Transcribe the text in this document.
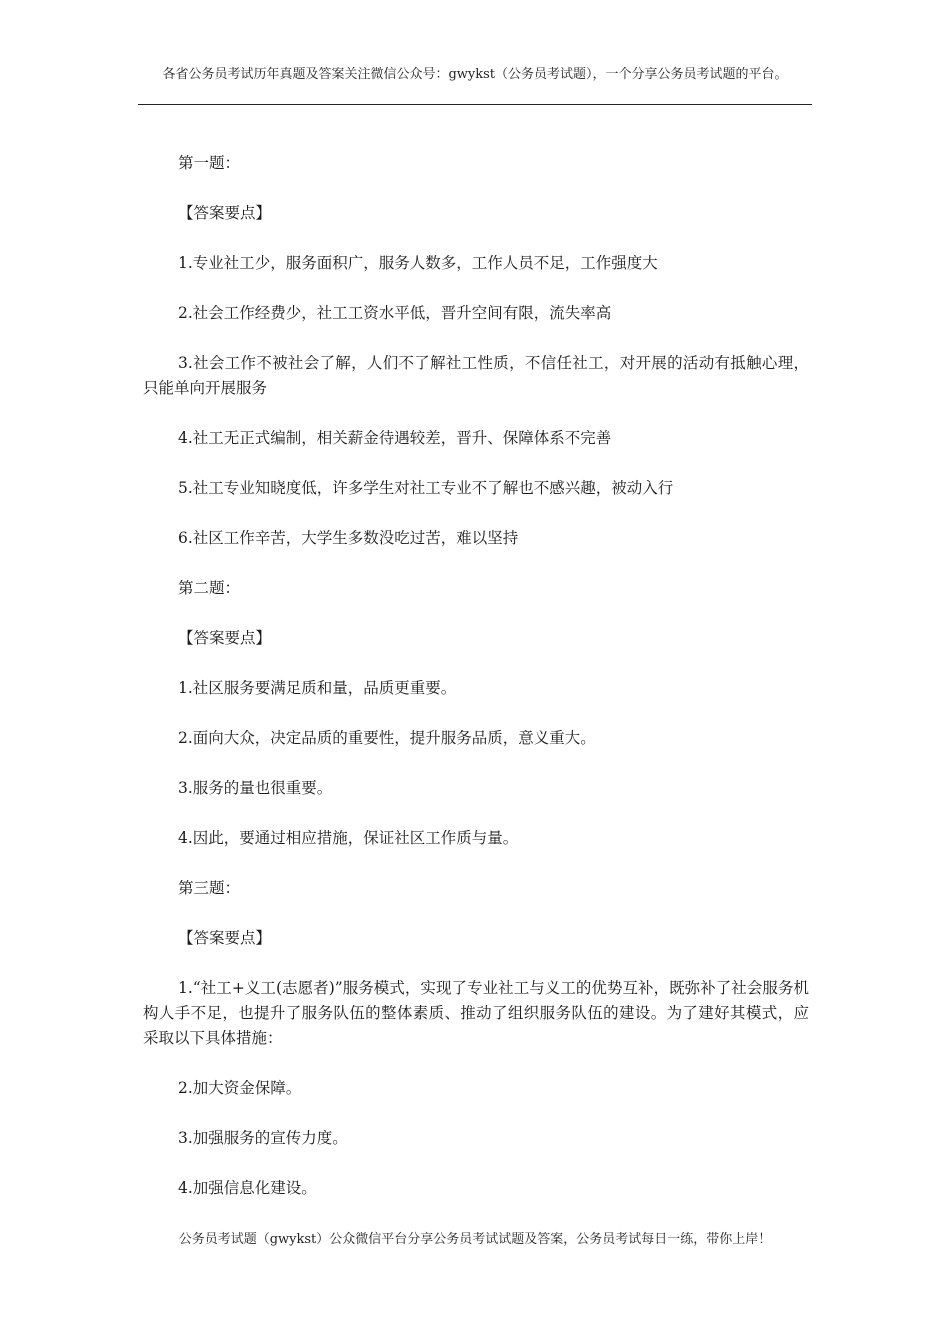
各省公务员考试历年真题及答案关注微信公众号：gwykst（公务员考试题），一个分享公务员考试题的平台。

第一题：

【答案要点】

1.专业社工少，服务面积广，服务人数多，工作人员不足，工作强度大

2.社会工作经费少，社工工资水平低，晋升空间有限，流失率高

3.社会工作不被社会了解，人们不了解社工性质，不信任社工，对开展的活动有抵触心理，只能单向开展服务

4.社工无正式编制，相关薪金待遇较差，晋升、保障体系不完善

5.社工专业知晓度低，许多学生对社工专业不了解也不感兴趣，被动入行

6.社区工作辛苦，大学生多数没吃过苦，难以坚持

第二题：

【答案要点】

1.社区服务要满足质和量，品质更重要。

2.面向大众，决定品质的重要性，提升服务品质，意义重大。

3.服务的量也很重要。

4.因此，要通过相应措施，保证社区工作质与量。

第三题：

【答案要点】

1.“社工+义工(志愿者)”服务模式，实现了专业社工与义工的优势互补，既弥补了社会服务机构人手不足，也提升了服务队伍的整体素质、推动了组织服务队伍的建设。为了建好其模式，应采取以下具体措施：

2.加大资金保障。

3.加强服务的宣传力度。

4.加强信息化建设。

公务员考试题（gwykst）公众微信平台分享公务员考试试题及答案，公务员考试每日一练，带你上岸！
